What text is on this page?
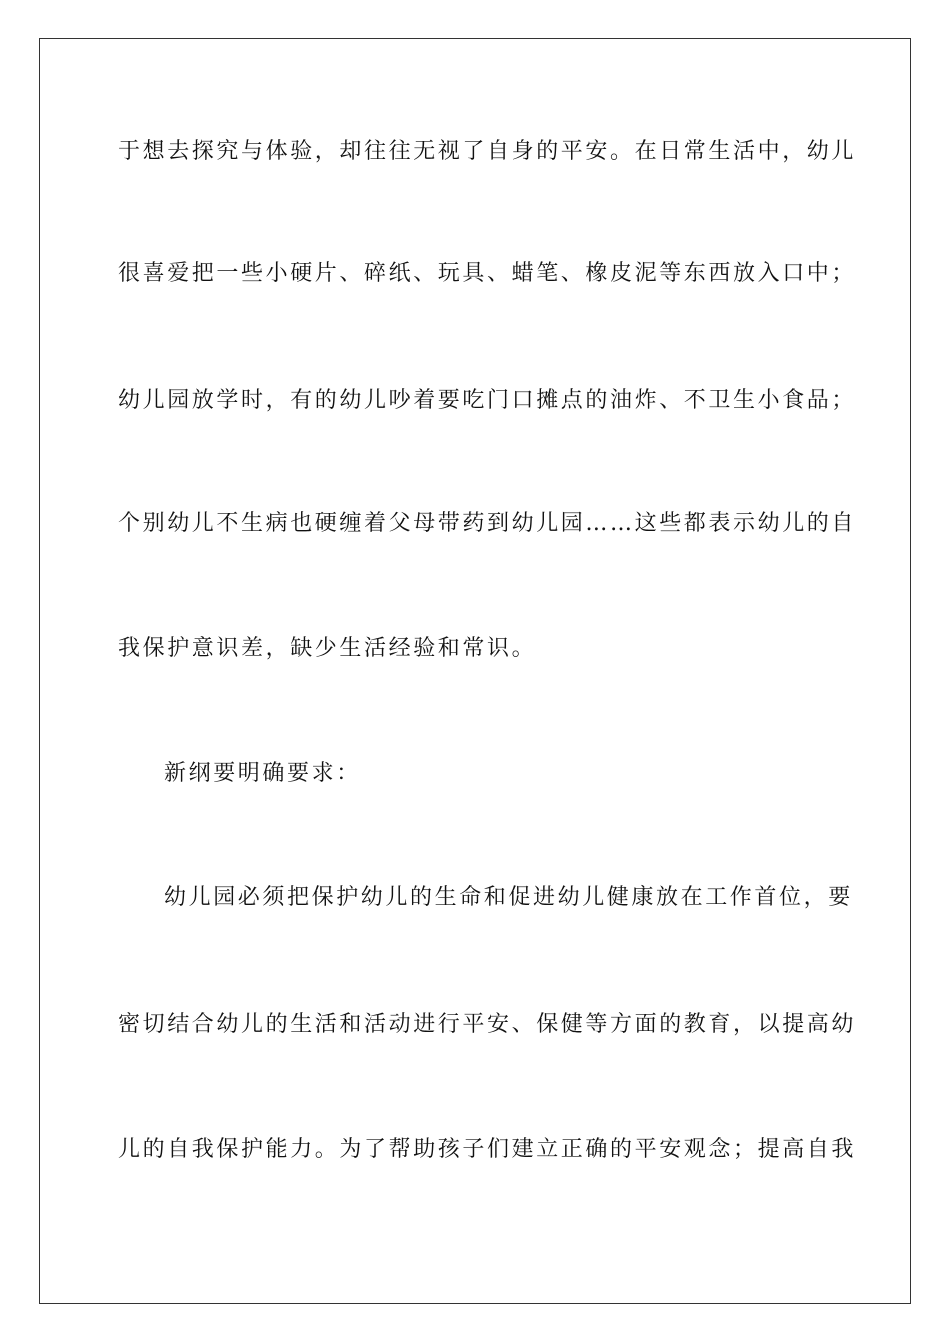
于想去探究与体验，却往往无视了自身的平安。在日常生活中，幼儿
很喜爱把一些小硬片、碎纸、玩具、蜡笔、橡皮泥等东西放入口中；
幼儿园放学时，有的幼儿吵着要吃门口摊点的油炸、不卫生小食品；
个别幼儿不生病也硬缠着父母带药到幼儿园……这些都表示幼儿的自
我保护意识差，缺少生活经验和常识。
新纲要明确要求：
幼儿园必须把保护幼儿的生命和促进幼儿健康放在工作首位，要
密切结合幼儿的生活和活动进行平安、保健等方面的教育，以提高幼
儿的自我保护能力。为了帮助孩子们建立正确的平安观念；提高自我
